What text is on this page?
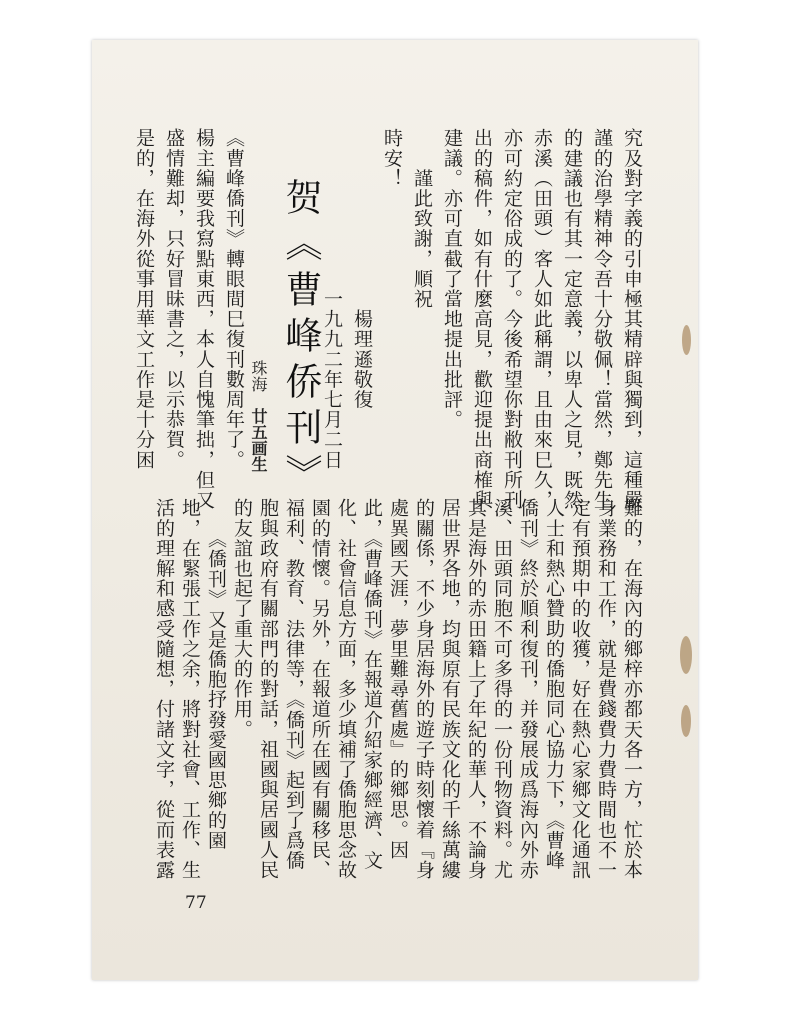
究及對字義的引申極其精辟與獨到，這種嚴
謹的治學精神令吾十分敬佩！當然，鄭先生
的建議也有其一定意義，以卑人之見，既然
赤溪（田頭）客人如此稱謂，且由來巳久，
亦可約定俗成的了。今後希望你對敝刊所刊
出的稿件，如有什麼高見，歡迎提出商榷與
建議。亦可直截了當地提出批評。
　　謹此致謝，順祝
時安！
　　　　　　　　　楊理遜敬復
　　　　　　　　一九九二年七月二日
贺《曹峰侨刊》
珠海　廿五画生
《曹峰僑刊》轉眼間巳復刊數周年了。
楊主編要我寫點東西，本人自愧筆拙，但又
盛情難却，只好冒昧書之，以示恭賀。
是的，在海外從事用華文工作是十分困
難的，在海內的鄉梓亦都天各一方，忙於本
身業務和工作，就是費錢費力費時間也不一
定有預期中的收獲，好在熱心家鄉文化通訊
人士和熱心贊助的僑胞同心協力下，《曹峰
僑刊》終於順利復刊，并發展成爲海內外赤
溪、田頭同胞不可多得的一份刊物資料。尤
其是海外的赤田籍上了年紀的華人，不論身
居世界各地，均與原有民族文化的千絲萬縷
的關係，不少身居海外的遊子時刻懷着『身
處異國天涯，夢里難尋舊處』的鄉思。因
此，《曹峰僑刊》在報道介紹家鄉經濟、文
化、社會信息方面，多少填補了僑胞思念故
園的情懷。另外，在報道所在國有關移民、
福利、教育、法律等，《僑刊》起到了爲僑
胞與政府有關部門的對話，祖國與居國人民
的友誼也起了重大的作用。
　　《僑刊》又是僑胞抒發愛國思鄉的園
地，在緊張工作之余，將對社會、工作、生
活的理解和感受隨想，付諸文字，從而表露
77
